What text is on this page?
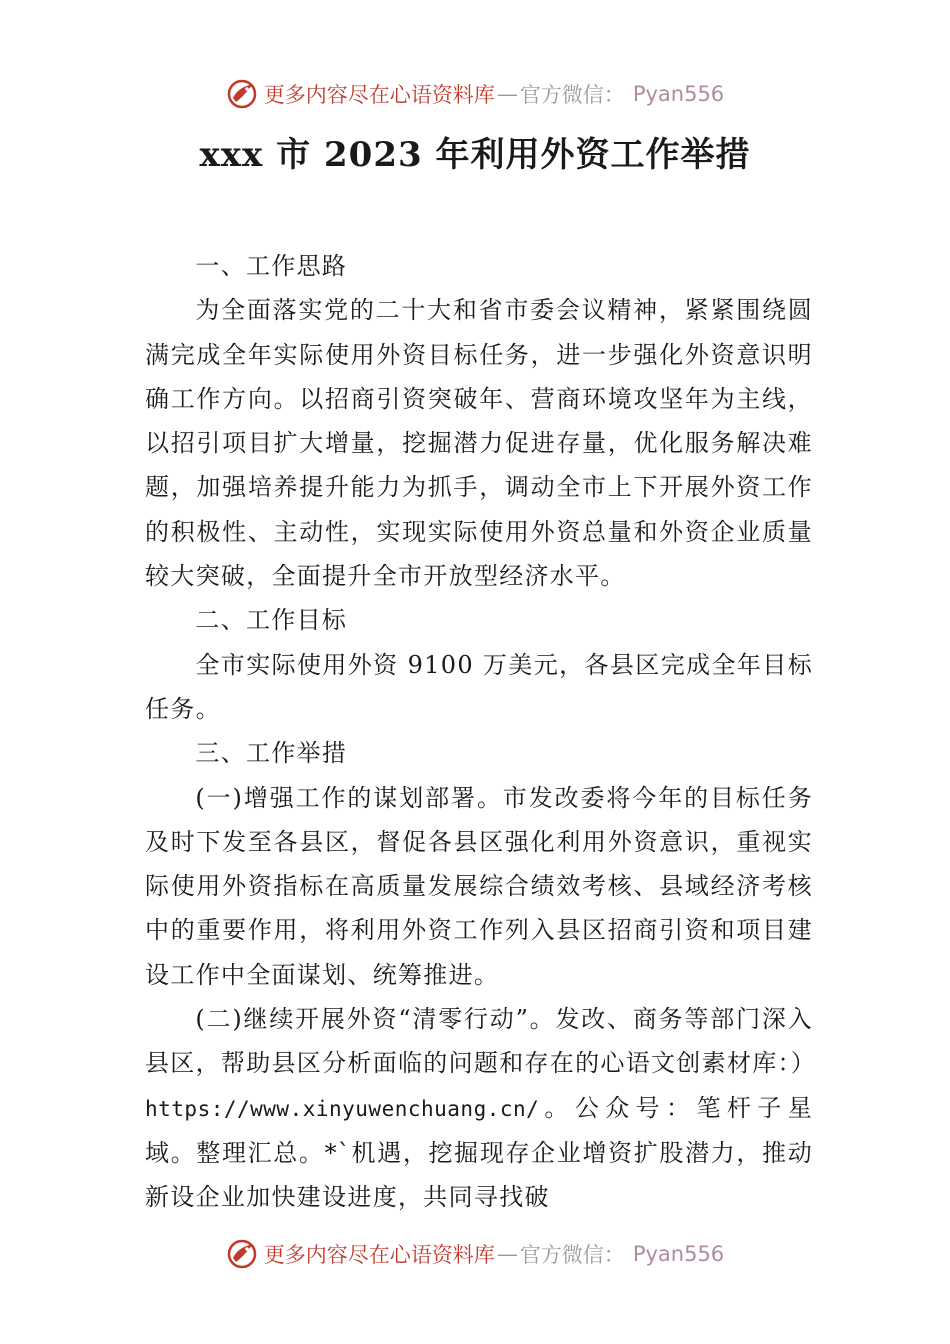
更多内容尽在心语资料库 — 官方微信： Pyan556
xxx 市 2023 年利用外资工作举措

一、工作思路

为全面落实党的二十大和省市委会议精神，紧紧围绕圆满完成全年实际使用外资目标任务，进一步强化外资意识明确工作方向。以招商引资突破年、营商环境攻坚年为主线，以招引项目扩大增量，挖掘潜力促进存量，优化服务解决难题，加强培养提升能力为抓手，调动全市上下开展外资工作的积极性、主动性，实现实际使用外资总量和外资企业质量较大突破，全面提升全市开放型经济水平。

二、工作目标

全市实际使用外资 9100 万美元，各县区完成全年目标任务。

三、工作举措

(一)增强工作的谋划部署。市发改委将今年的目标任务及时下发至各县区，督促各县区强化利用外资意识，重视实际使用外资指标在高质量发展综合绩效考核、县域经济考核中的重要作用，将利用外资工作列入县区招商引资和项目建设工作中全面谋划、统筹推进。

(二)继续开展外资“清零行动”。发改、商务等部门深入县区，帮助县区分析面临的问题和存在的心语文创素材库：）https://www.xinyuwenchuang.cn/。公众号：笔杆子星域。整理汇总。*`机遇，挖掘现存企业增资扩股潜力，推动新设企业加快建设进度，共同寻找破

更多内容尽在心语资料库 — 官方微信： Pyan556
